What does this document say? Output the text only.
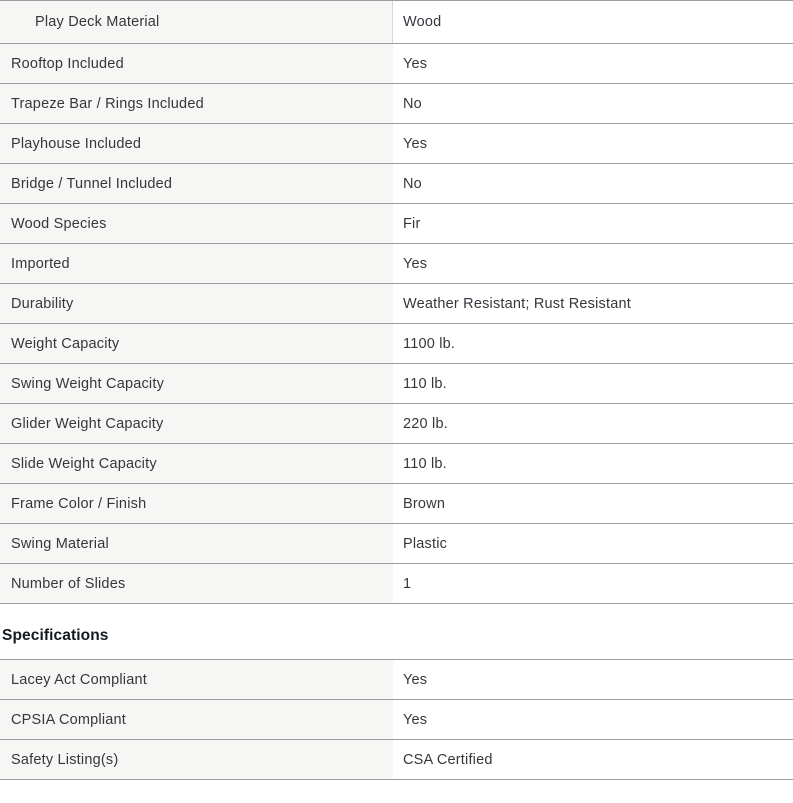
Play Deck Material	Wood
Rooftop Included	Yes
Trapeze Bar / Rings Included	No
Playhouse Included	Yes
Bridge / Tunnel Included	No
Wood Species	Fir
Imported	Yes
Durability	Weather Resistant; Rust Resistant
Weight Capacity	1100 lb.
Swing Weight Capacity	110 lb.
Glider Weight Capacity	220 lb.
Slide Weight Capacity	110 lb.
Frame Color / Finish	Brown
Swing Material	Plastic
Number of Slides	1
Specifications
Lacey Act Compliant	Yes
CPSIA Compliant	Yes
Safety Listing(s)	CSA Certified
